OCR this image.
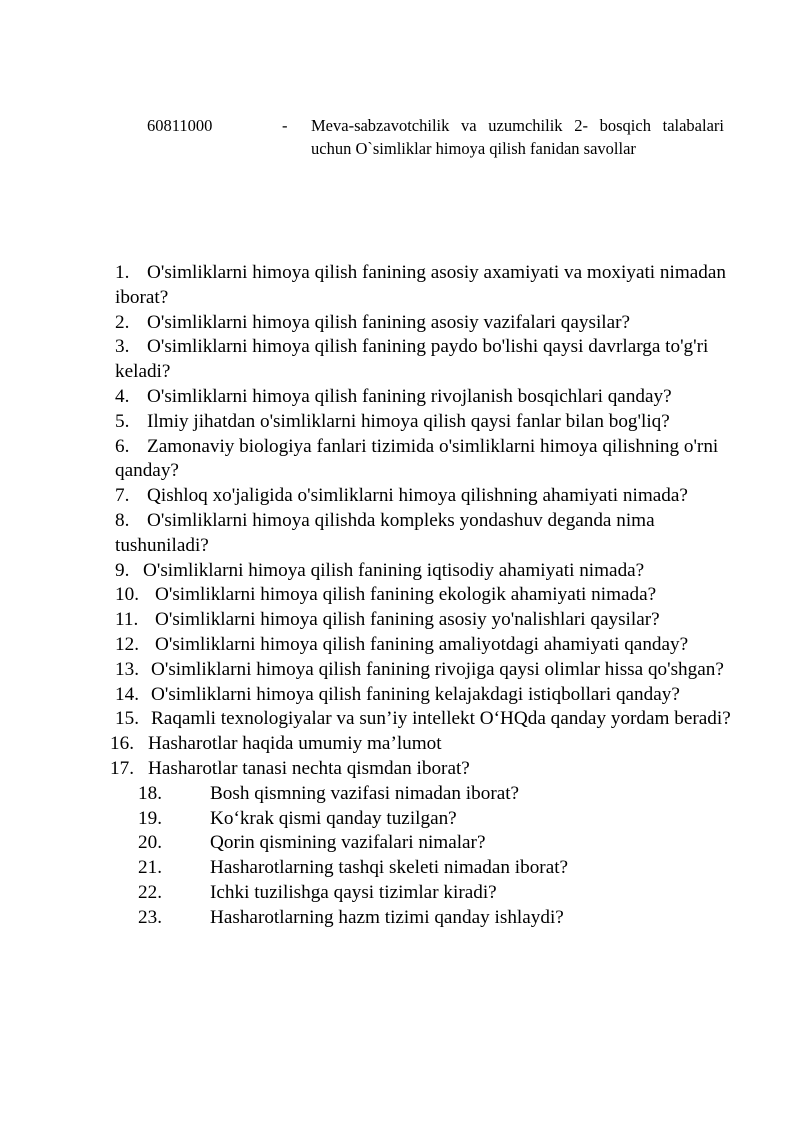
60811000	- Meva-sabzavotchilik va uzumchilik 2- bosqich talabalari uchun O`simliklar himoya qilish fanidan savollar
1. O'simliklarni himoya qilish fanining asosiy axamiyati va moxiyati nimadan iborat?
2. O'simliklarni himoya qilish fanining asosiy vazifalari qaysilar?
3. O'simliklarni himoya qilish fanining paydo bo'lishi qaysi davrlarga to'g'ri keladi?
4. O'simliklarni himoya qilish fanining rivojlanish bosqichlari qanday?
5. Ilmiy jihatdan o'simliklarni himoya qilish qaysi fanlar bilan bog'liq?
6. Zamonaviy biologiya fanlari tizimida o'simliklarni himoya qilishning o'rni qanday?
7. Qishloq xo'jaligida o'simliklarni himoya qilishning ahamiyati nimada?
8. O'simliklarni himoya qilishda kompleks yondashuv deganda nima tushuniladi?
9. O'simliklarni himoya qilish fanining iqtisodiy ahamiyati nimada?
10. O'simliklarni himoya qilish fanining ekologik ahamiyati nimada?
11. O'simliklarni himoya qilish fanining asosiy yo'nalishlari qaysilar?
12. O'simliklarni himoya qilish fanining amaliyotdagi ahamiyati qanday?
13. O'simliklarni himoya qilish fanining rivojiga qaysi olimlar hissa qo'shgan?
14. O'simliklarni himoya qilish fanining kelajakdagi istiqbollari qanday?
15. Raqamli texnologiyalar va sun’iy intellekt O‘HQda qanday yordam beradi?
16. Hasharotlar haqida umumiy ma’lumot
17. Hasharotlar tanasi nechta qismdan iborat?
18.	Bosh qismning vazifasi nimadan iborat?
19.	Ko‘krak qismi qanday tuzilgan?
20.	Qorin qismining vazifalari nimalar?
21.	Hasharotlarning tashqi skeleti nimadan iborat?
22.	Ichki tuzilishga qaysi tizimlar kiradi?
23.	Hasharotlarning hazm tizimi qanday ishlaydi?
